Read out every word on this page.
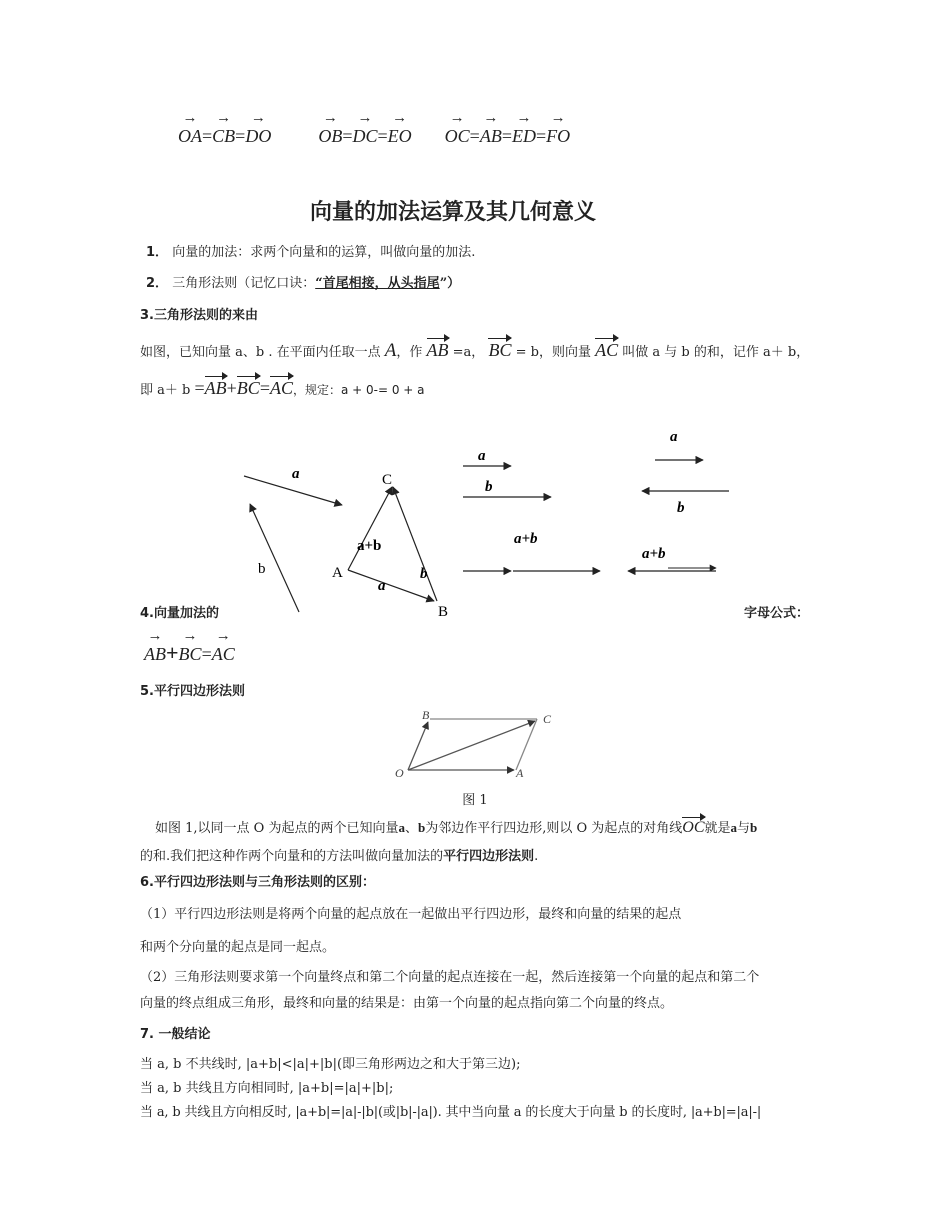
→
OA=
→
CB=
→
DO
→
OB=
→
DC=
→
EO
→
OC=
→
AB=
→
ED=
→
FO
向量的加法运算及其几何意义
1． 向量的加法：求两个向量和的运算，叫做向量的加法.
2． 三角形法则（记忆口诀：“首尾相接，从头指尾”）
3.三角形法则的来由
如图，已知向量 a、b . 在平面内任取一点 A，作 AB =a， BC = b，则向量 AC 叫做 a 与 b 的和，记作 a＋ b，
即 a＋ b =AB+BC=AC，规定：a + 0-= 0 + a
a
b
C
A
B
a+b
a
b
a
b
a+b
a
b
a+b
4.向量加法的	字母公式：
→
AB+
→
BC=
→
AC
5.平行四边形法则
B	C
O	A
图 1
如图 1,以同一点 O 为起点的两个已知向量a、b为邻边作平行四边形,则以 O 为起点的对角线OC就是a与b
的和.我们把这种作两个向量和的方法叫做向量加法的平行四边形法则.
6.平行四边形法则与三角形法则的区别：
（1）平行四边形法则是将两个向量的起点放在一起做出平行四边形，最终和向量的结果的起点
和两个分向量的起点是同一起点。
（2）三角形法则要求第一个向量终点和第二个向量的起点连接在一起，然后连接第一个向量的起点和第二个
向量的终点组成三角形，最终和向量的结果是：由第一个向量的起点指向第二个向量的终点。
7. 一般结论
当 a, b 不共线时, |a+b|<|a|+|b|(即三角形两边之和大于第三边);
当 a, b 共线且方向相同时, |a+b|=|a|+|b|;
当 a, b 共线且方向相反时, |a+b|=|a|-|b|(或|b|-|a|). 其中当向量 a 的长度大于向量 b 的长度时, |a+b|=|a|-|
